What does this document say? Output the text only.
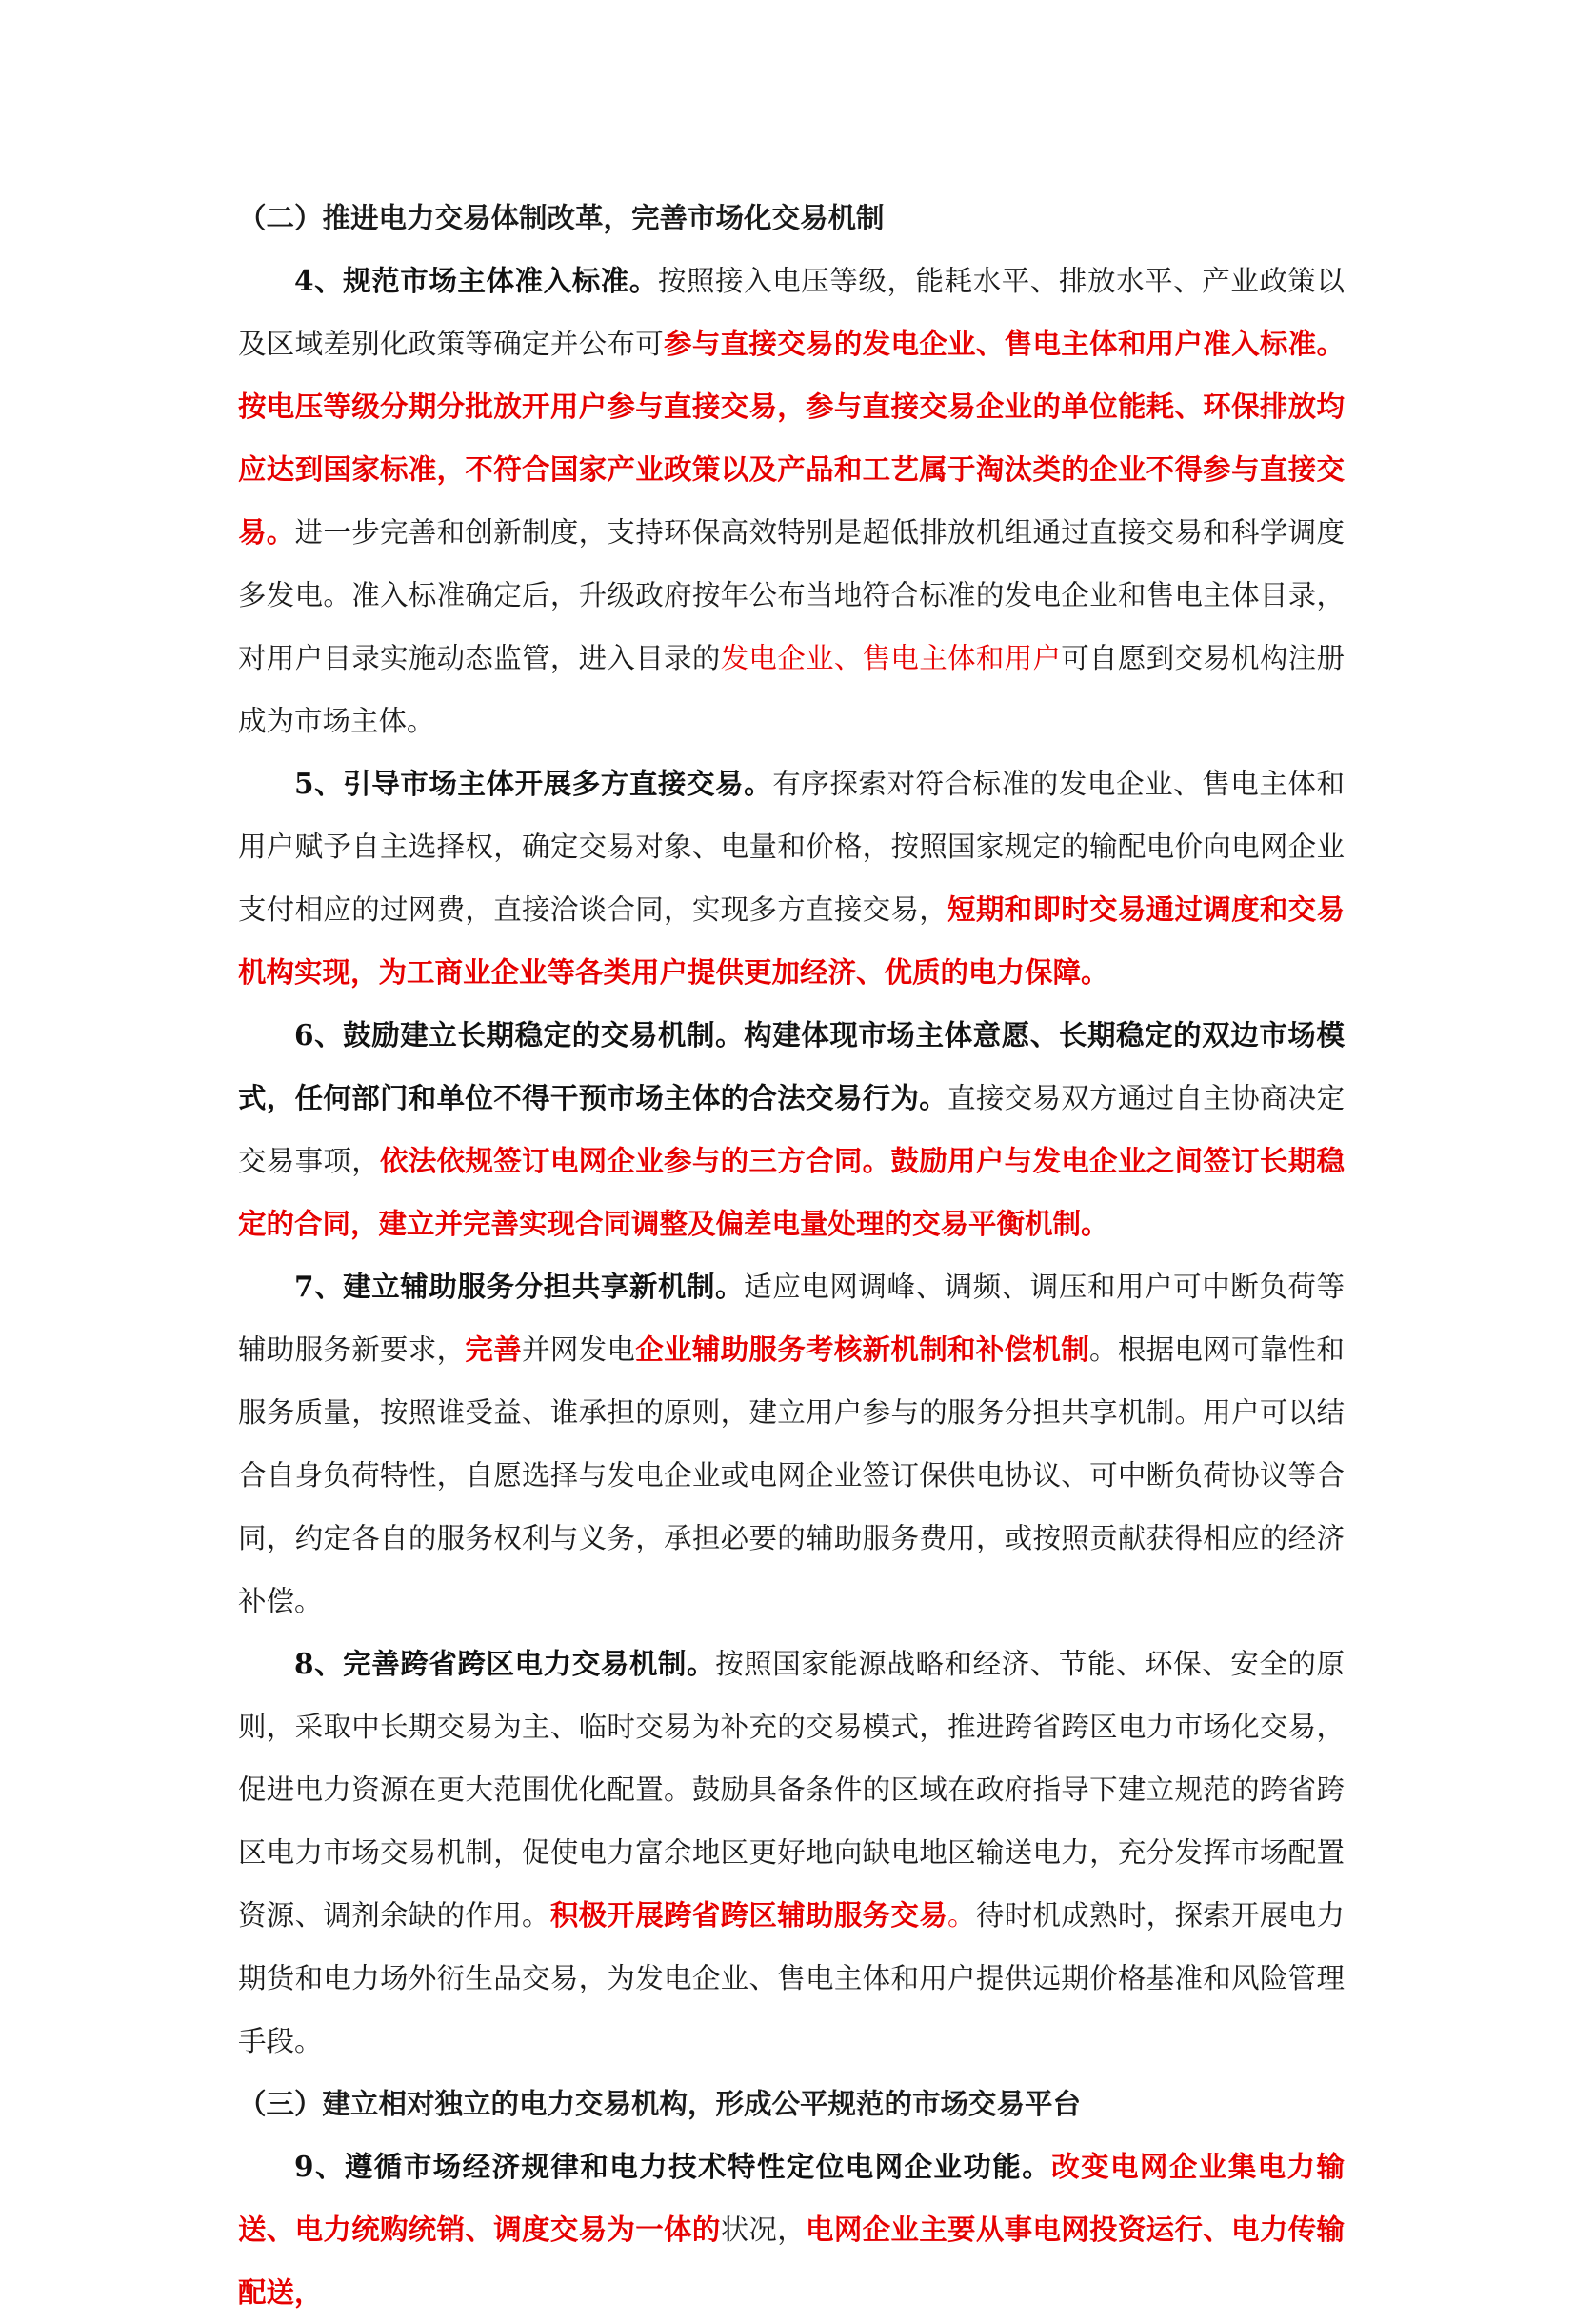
（二）推进电力交易体制改革，完善市场化交易机制

4、规范市场主体准入标准。按照接入电压等级，能耗水平、排放水平、产业政策以及区域差别化政策等确定并公布可参与直接交易的发电企业、售电主体和用户准入标准。按电压等级分期分批放开用户参与直接交易，参与直接交易企业的单位能耗、环保排放均应达到国家标准，不符合国家产业政策以及产品和工艺属于淘汰类的企业不得参与直接交易。进一步完善和创新制度，支持环保高效特别是超低排放机组通过直接交易和科学调度多发电。准入标准确定后，升级政府按年公布当地符合标准的发电企业和售电主体目录，对用户目录实施动态监管，进入目录的发电企业、售电主体和用户可自愿到交易机构注册成为市场主体。

5、引导市场主体开展多方直接交易。有序探索对符合标准的发电企业、售电主体和用户赋予自主选择权，确定交易对象、电量和价格，按照国家规定的输配电价向电网企业支付相应的过网费，直接洽谈合同，实现多方直接交易，短期和即时交易通过调度和交易机构实现，为工商业企业等各类用户提供更加经济、优质的电力保障。

6、鼓励建立长期稳定的交易机制。构建体现市场主体意愿、长期稳定的双边市场模式，任何部门和单位不得干预市场主体的合法交易行为。直接交易双方通过自主协商决定交易事项，依法依规签订电网企业参与的三方合同。鼓励用户与发电企业之间签订长期稳定的合同，建立并完善实现合同调整及偏差电量处理的交易平衡机制。

7、建立辅助服务分担共享新机制。适应电网调峰、调频、调压和用户可中断负荷等辅助服务新要求，完善并网发电企业辅助服务考核新机制和补偿机制。根据电网可靠性和服务质量，按照谁受益、谁承担的原则，建立用户参与的服务分担共享机制。用户可以结合自身负荷特性，自愿选择与发电企业或电网企业签订保供电协议、可中断负荷协议等合同，约定各自的服务权利与义务，承担必要的辅助服务费用，或按照贡献获得相应的经济补偿。

8、完善跨省跨区电力交易机制。按照国家能源战略和经济、节能、环保、安全的原则，采取中长期交易为主、临时交易为补充的交易模式，推进跨省跨区电力市场化交易，促进电力资源在更大范围优化配置。鼓励具备条件的区域在政府指导下建立规范的跨省跨区电力市场交易机制，促使电力富余地区更好地向缺电地区输送电力，充分发挥市场配置资源、调剂余缺的作用。积极开展跨省跨区辅助服务交易。待时机成熟时，探索开展电力期货和电力场外衍生品交易，为发电企业、售电主体和用户提供远期价格基准和风险管理手段。

（三）建立相对独立的电力交易机构，形成公平规范的市场交易平台

9、遵循市场经济规律和电力技术特性定位电网企业功能。改变电网企业集电力输送、电力统购统销、调度交易为一体的状况，电网企业主要从事电网投资运行、电力传输配送，
